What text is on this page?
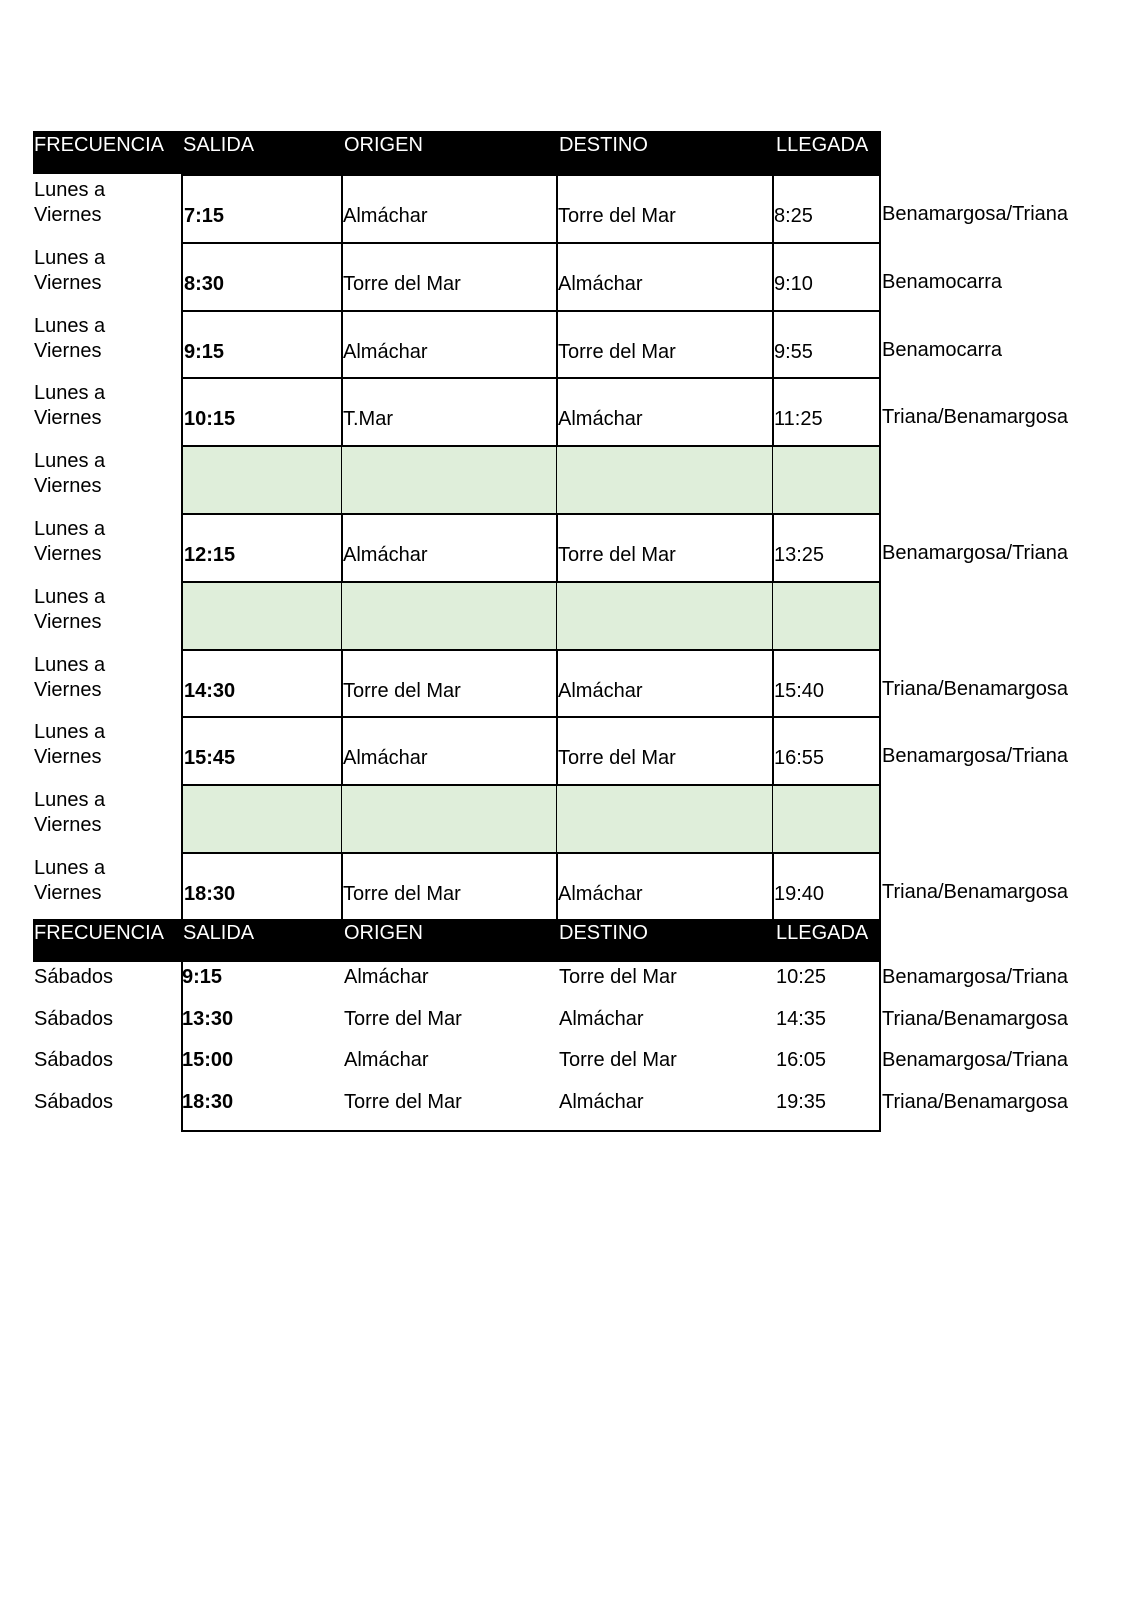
FRECUENCIA SALIDA	ORIGEN	DESTINO	LLEGADA
Lunes a
Viernes	7:15	Almáchar	Torre del Mar	8:25	Benamargosa/Triana
Lunes a
Viernes	8:30	Torre del Mar	Almáchar	9:10	Benamocarra
Lunes a
Viernes	9:15	Almáchar	Torre del Mar	9:55	Benamocarra
Lunes a
Viernes	10:15	T.Mar	Almáchar	11:25	Triana/Benamargosa
Lunes a
Viernes
Lunes a
Viernes	12:15	Almáchar	Torre del Mar	13:25	Benamargosa/Triana
Lunes a
Viernes
Lunes a
Viernes	14:30	Torre del Mar	Almáchar	15:40	Triana/Benamargosa
Lunes a
Viernes	15:45	Almáchar	Torre del Mar	16:55	Benamargosa/Triana
Lunes a
Viernes
Lunes a
Viernes	18:30	Torre del Mar	Almáchar	19:40	Triana/Benamargosa
FRECUENCIA SALIDA	ORIGEN	DESTINO	LLEGADA
Sábados	9:15	Almáchar	Torre del Mar	10:25	Benamargosa/Triana
Sábados	13:30	Torre del Mar	Almáchar	14:35	Triana/Benamargosa
Sábados	15:00	Almáchar	Torre del Mar	16:05	Benamargosa/Triana
Sábados	18:30	Torre del Mar	Almáchar	19:35	Triana/Benamargosa
